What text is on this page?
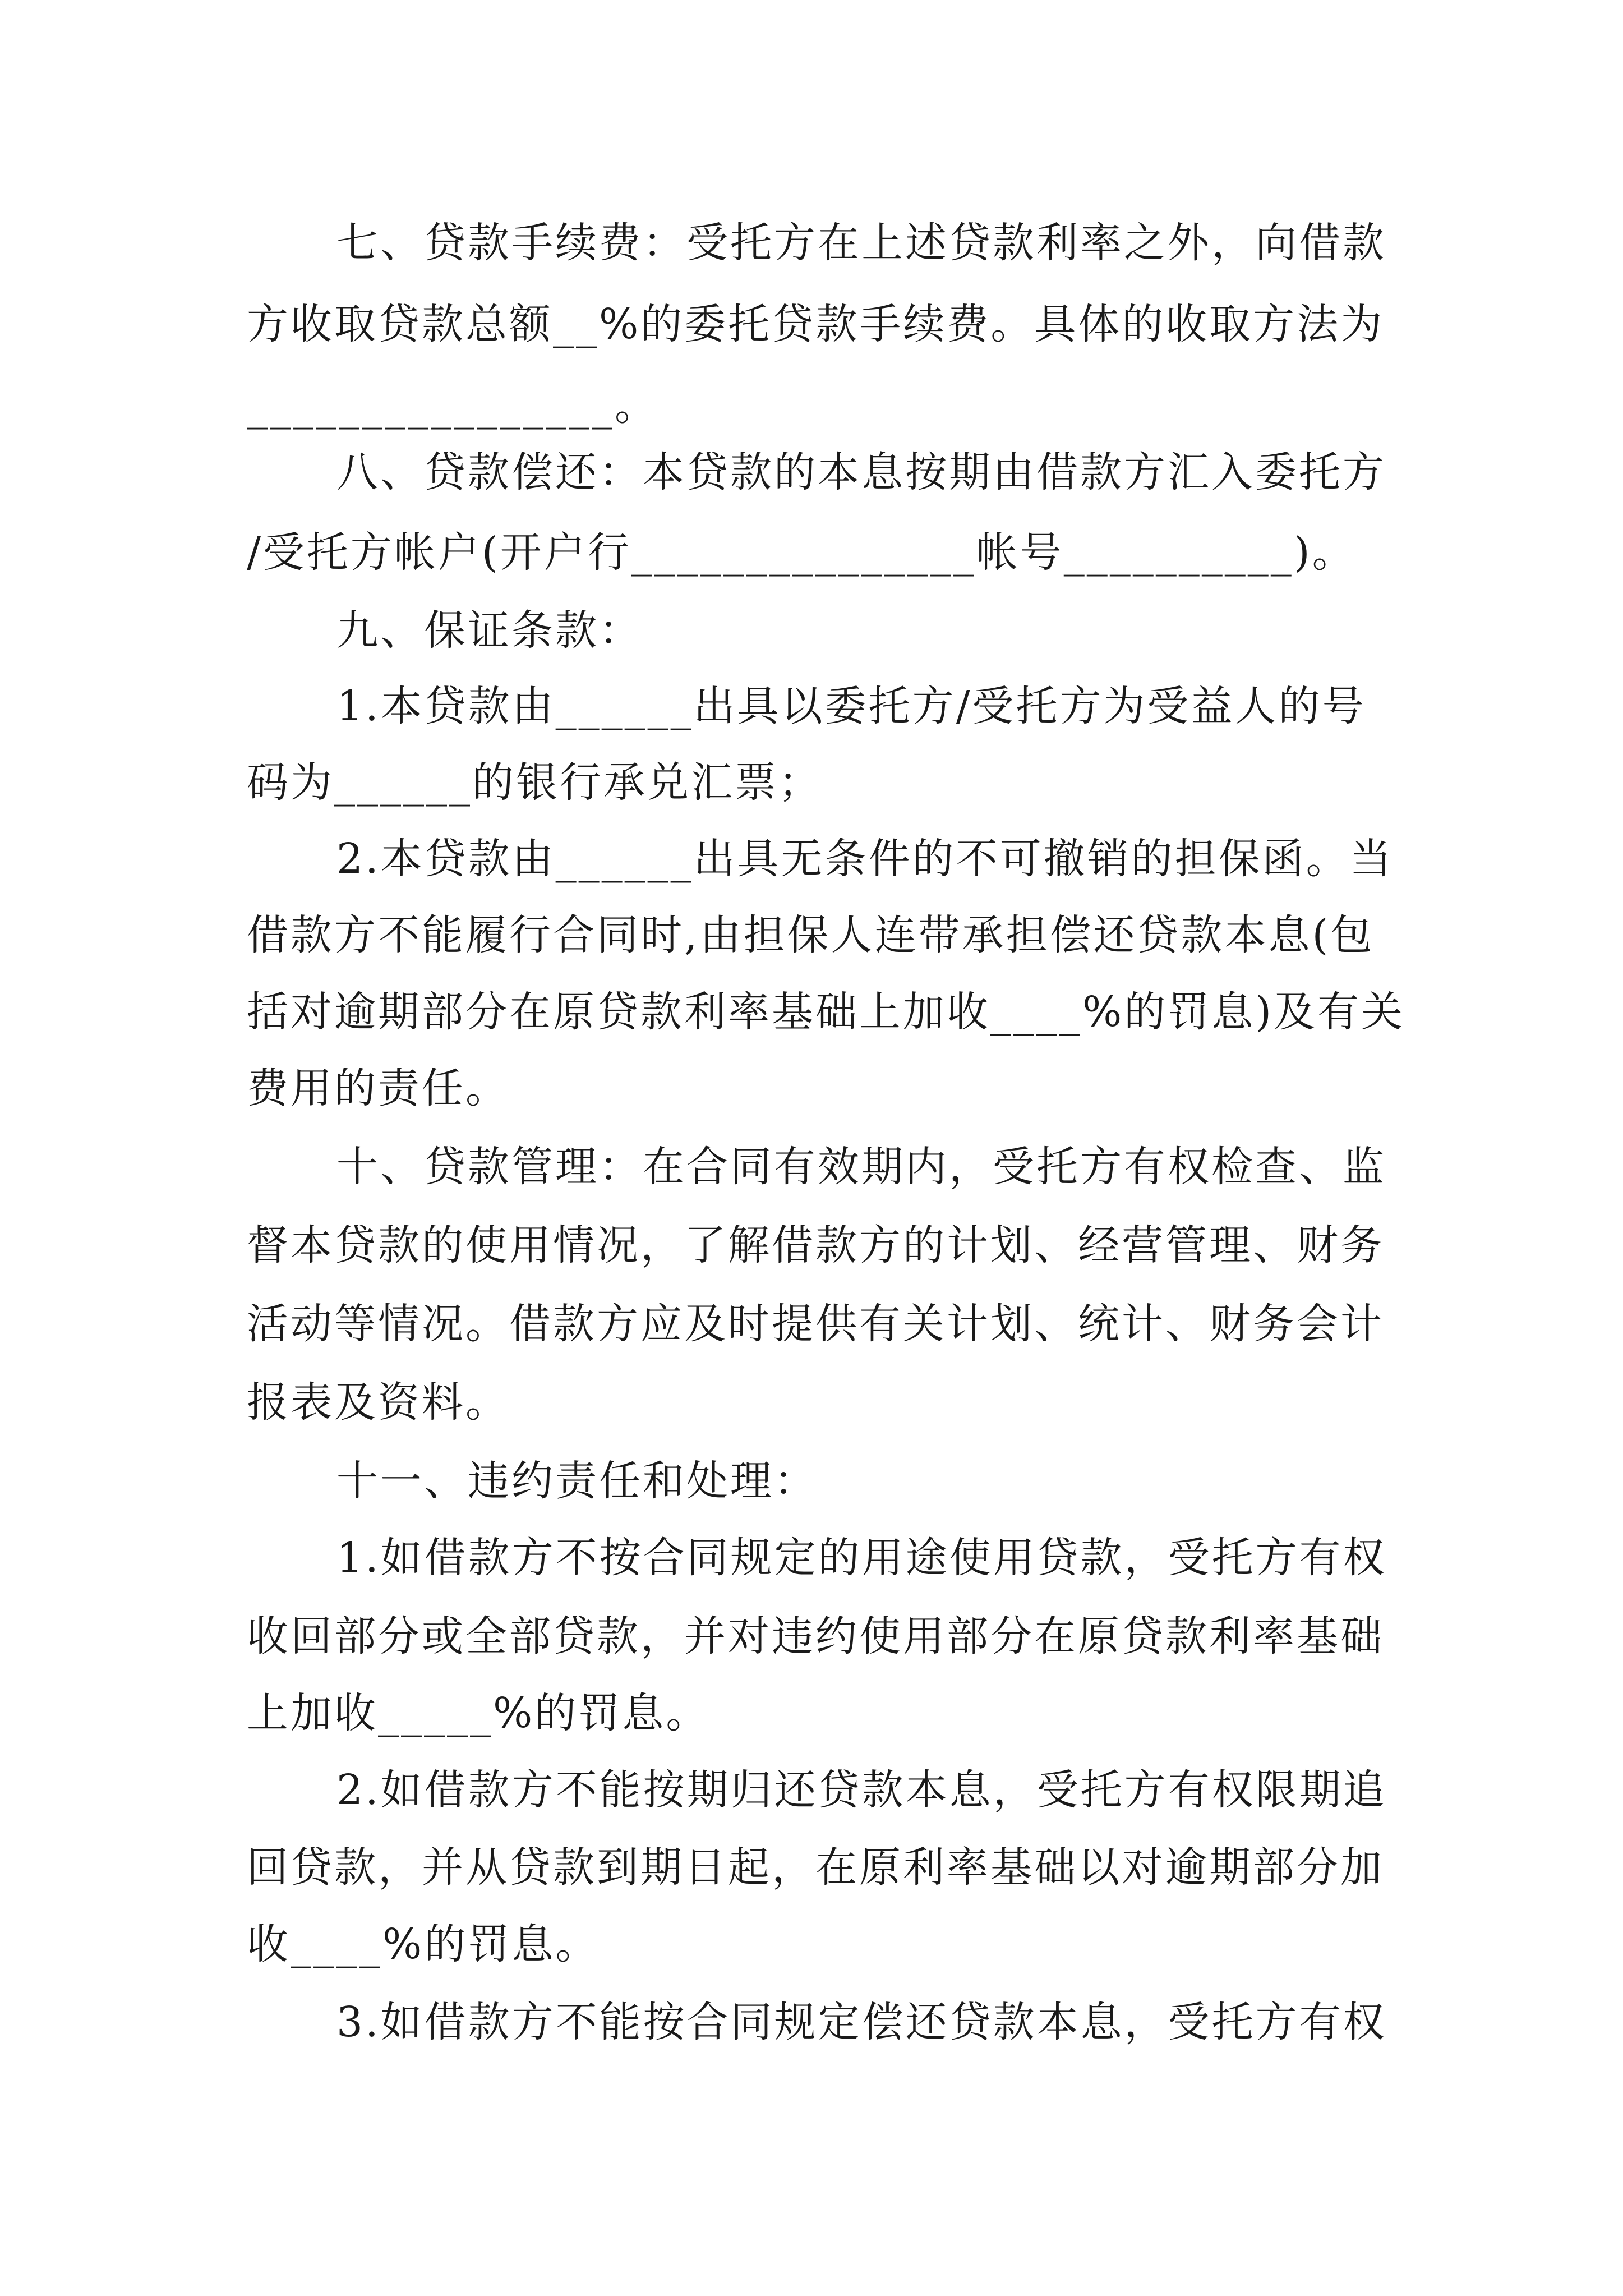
七、贷款手续费：受托方在上述贷款利率之外，向借款
方收取贷款总额__%的委托贷款手续费。具体的收取方法为
________________。
八、贷款偿还：本贷款的本息按期由借款方汇入委托方
/受托方帐户(开户行_______________帐号__________)。
九、保证条款：
1.本贷款由______出具以委托方/受托方为受益人的号
码为______的银行承兑汇票；
2.本贷款由______出具无条件的不可撤销的担保函。当
借款方不能履行合同时,由担保人连带承担偿还贷款本息(包
括对逾期部分在原贷款利率基础上加收____%的罚息)及有关
费用的责任。
十、贷款管理：在合同有效期内，受托方有权检查、监
督本贷款的使用情况，了解借款方的计划、经营管理、财务
活动等情况。借款方应及时提供有关计划、统计、财务会计
报表及资料。
十一、违约责任和处理：
1.如借款方不按合同规定的用途使用贷款，受托方有权
收回部分或全部贷款，并对违约使用部分在原贷款利率基础
上加收_____%的罚息。
2.如借款方不能按期归还贷款本息，受托方有权限期追
回贷款，并从贷款到期日起，在原利率基础以对逾期部分加
收____%的罚息。
3.如借款方不能按合同规定偿还贷款本息，受托方有权
